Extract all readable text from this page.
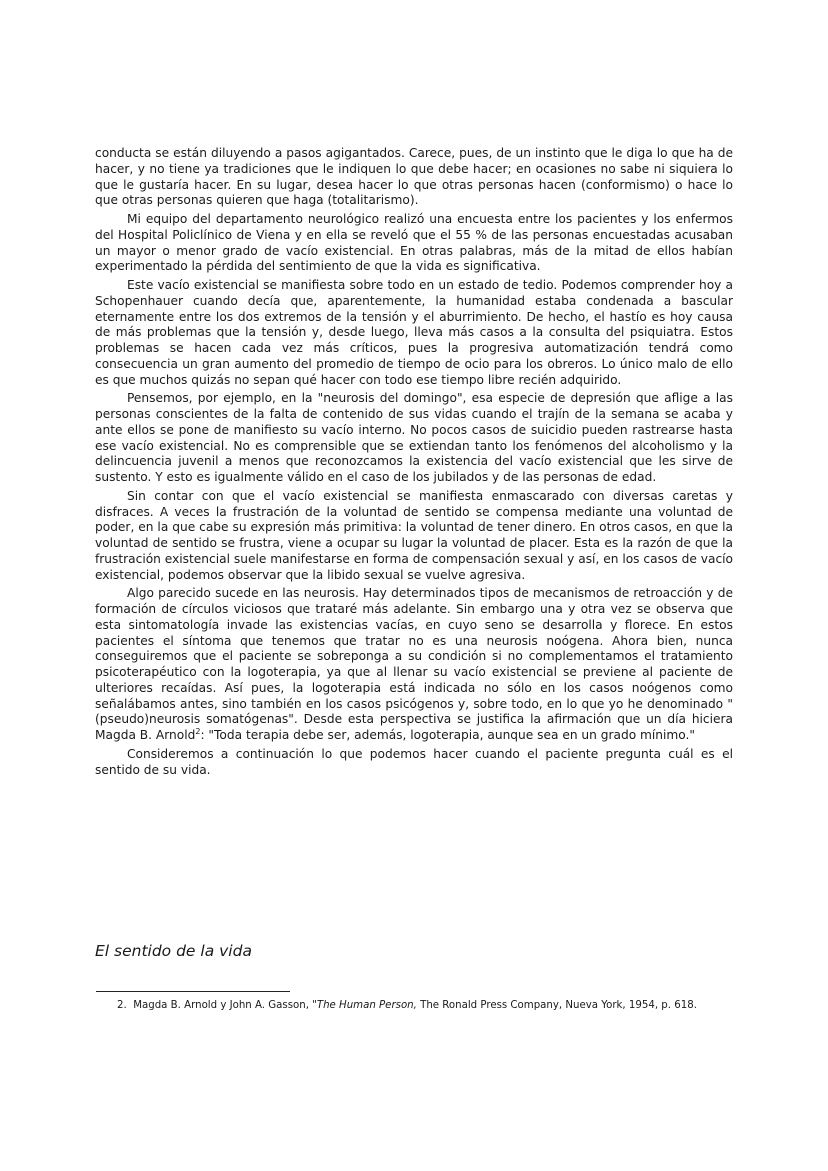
conducta se están diluyendo a pasos agigantados. Carece, pues, de un instinto que le diga lo que ha de hacer, y no tiene ya tradiciones que le indiquen lo que debe hacer; en ocasiones no sabe ni siquiera lo que le gustaría hacer. En su lugar, desea hacer lo que otras personas hacen (conformismo) o hace lo que otras personas quieren que haga (totalitarismo).

Mi equipo del departamento neurológico realizó una encuesta entre los pacientes y los enfermos del Hospital Policlínico de Viena y en ella se reveló que el 55 % de las personas encuestadas acusaban un mayor o menor grado de vacío existencial. En otras palabras, más de la mitad de ellos habían experimentado la pérdida del sentimiento de que la vida es significativa.

Este vacío existencial se manifiesta sobre todo en un estado de tedio. Podemos comprender hoy a Schopenhauer cuando decía que, aparentemente, la humanidad estaba condenada a bascular eternamente entre los dos extremos de la tensión y el aburrimiento. De hecho, el hastío es hoy causa de más problemas que la tensión y, desde luego, lleva más casos a la consulta del psiquiatra. Estos problemas se hacen cada vez más críticos, pues la progresiva automatización tendrá como consecuencia un gran aumento del promedio de tiempo de ocio para los obreros. Lo único malo de ello es que muchos quizás no sepan qué hacer con todo ese tiempo libre recién adquirido.

Pensemos, por ejemplo, en la "neurosis del domingo", esa especie de depresión que aflige a las personas conscientes de la falta de contenido de sus vidas cuando el trajín de la semana se acaba y ante ellos se pone de manifiesto su vacío interno. No pocos casos de suicidio pueden rastrearse hasta ese vacío existencial. No es comprensible que se extiendan tanto los fenómenos del alcoholismo y la delincuencia juvenil a menos que reconozcamos la existencia del vacío existencial que les sirve de sustento. Y esto es igualmente válido en el caso de los jubilados y de las personas de edad.

Sin contar con que el vacío existencial se manifiesta enmascarado con diversas caretas y disfraces. A veces la frustración de la voluntad de sentido se compensa mediante una voluntad de poder, en la que cabe su expresión más primitiva: la voluntad de tener dinero. En otros casos, en que la voluntad de sentido se frustra, viene a ocupar su lugar la voluntad de placer. Esta es la razón de que la frustración existencial suele manifestarse en forma de compensación sexual y así, en los casos de vacío existencial, podemos observar que la libido sexual se vuelve agresiva.

Algo parecido sucede en las neurosis. Hay determinados tipos de mecanismos de retroacción y de formación de círculos viciosos que trataré más adelante. Sin embargo una y otra vez se observa que esta sintomatología invade las existencias vacías, en cuyo seno se desarrolla y florece. En estos pacientes el síntoma que tenemos que tratar no es una neurosis noógena. Ahora bien, nunca conseguiremos que el paciente se sobreponga a su condición si no complementamos el tratamiento psicoterapéutico con la logoterapia, ya que al llenar su vacío existencial se previene al paciente de ulteriores recaídas. Así pues, la logoterapia está indicada no sólo en los casos noógenos como señalábamos antes, sino también en los casos psicógenos y, sobre todo, en lo que yo he denominado "(pseudo)neurosis somatógenas". Desde esta perspectiva se justifica la afirmación que un día hiciera Magda B. Arnold$^2$: "Toda terapia debe ser, además, logoterapia, aunque sea en un grado mínimo."

Consideremos a continuación lo que podemos hacer cuando el paciente pregunta cuál es el sentido de su vida.

El sentido de la vida

2. Magda B. Arnold y John A. Gasson, "The Human Person, The Ronald Press Company, Nueva York, 1954, p. 618.
